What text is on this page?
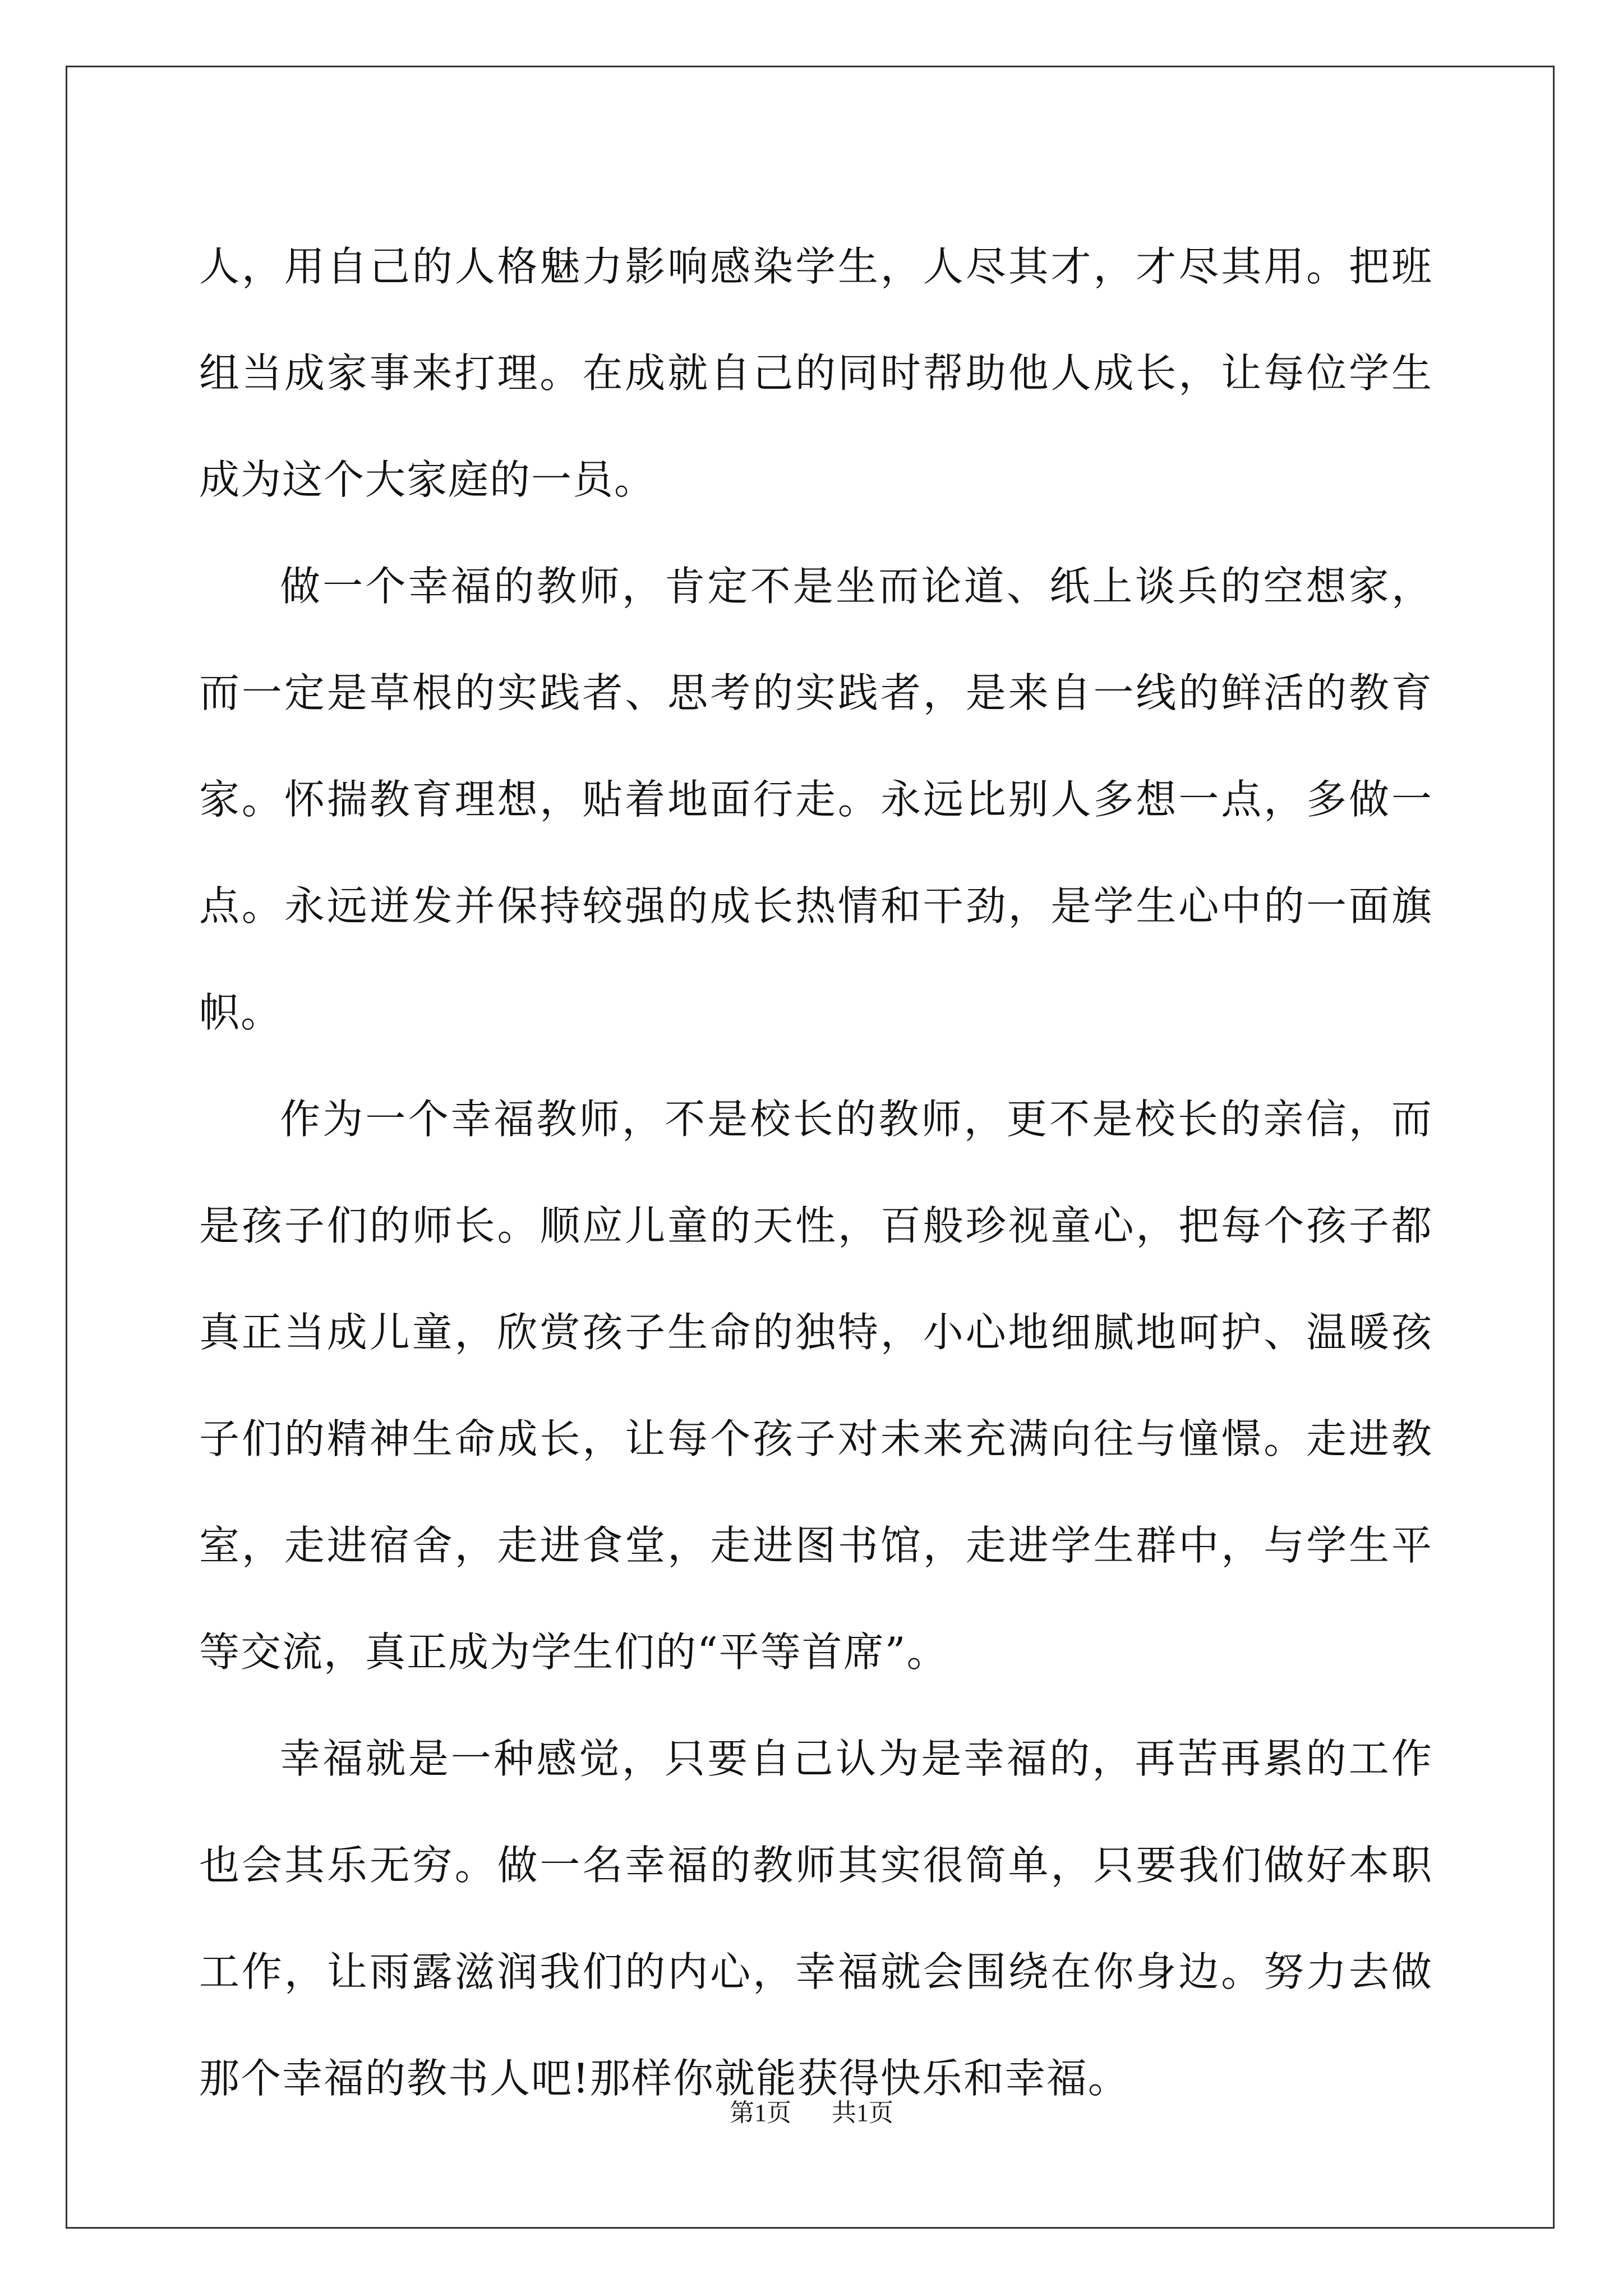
人，用自己的人格魅力影响感染学生，人尽其才，才尽其用。把班组当成家事来打理。在成就自己的同时帮助他人成长，让每位学生成为这个大家庭的一员。

做一个幸福的教师，肯定不是坐而论道、纸上谈兵的空想家，而一定是草根的实践者、思考的实践者，是来自一线的鲜活的教育家。怀揣教育理想，贴着地面行走。永远比别人多想一点，多做一点。永远迸发并保持较强的成长热情和干劲，是学生心中的一面旗帜。

作为一个幸福教师，不是校长的教师，更不是校长的亲信，而是孩子们的师长。顺应儿童的天性，百般珍视童心，把每个孩子都真正当成儿童，欣赏孩子生命的独特，小心地细腻地呵护、温暖孩子们的精神生命成长，让每个孩子对未来充满向往与憧憬。走进教室，走进宿舍，走进食堂，走进图书馆，走进学生群中，与学生平等交流，真正成为学生们的“平等首席”。

幸福就是一种感觉，只要自己认为是幸福的，再苦再累的工作也会其乐无穷。做一名幸福的教师其实很简单，只要我们做好本职工作，让雨露滋润我们的内心，幸福就会围绕在你身边。努力去做那个幸福的教书人吧!那样你就能获得快乐和幸福。

第1页 共1页
